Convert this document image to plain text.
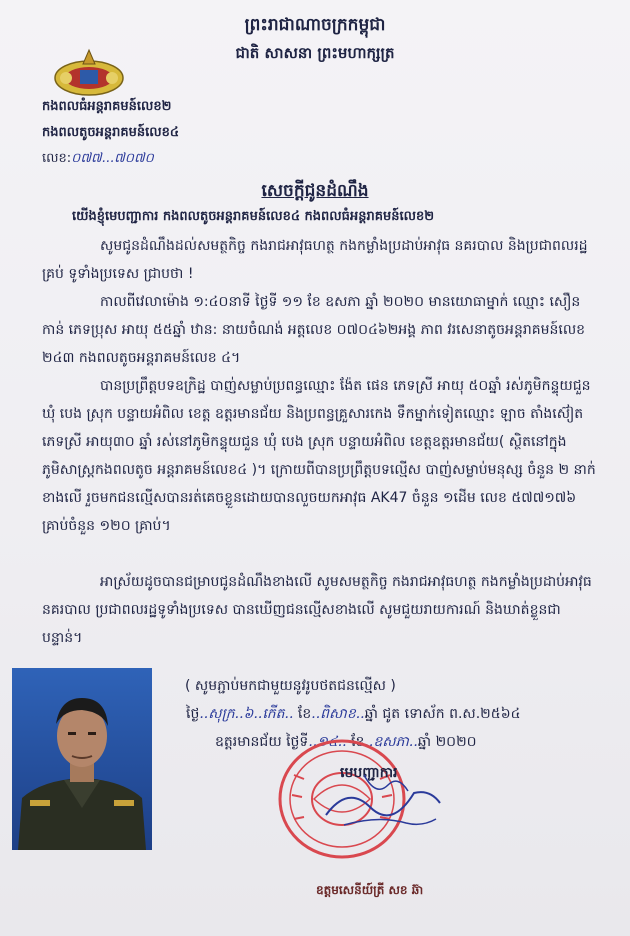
ព្រះរាជាណាចក្រកម្ពុជា
ជាតិ សាសនា ព្រះមហាក្សត្រ
កងពលធំអន្តរាគមន៍លេខ២
កងពលតូចអន្តរាគមន៍លេខ៤
លេខ:០៧៧...៧០៧០
សេចក្តីជូនដំណឹង
យើងខ្ញុំមេបញ្ជាការ កងពលតូចអន្តរាគមន៍លេខ៤ កងពលធំអន្តរាគមន៍លេខ២
សូមជូនដំណឹងដល់សមត្ថកិច្ច កងរាជអាវុធហត្ថ កងកម្លាំងប្រដាប់អាវុធ នគរបាល និងប្រជាពលរដ្ឋគ្រប់ ទូទាំងប្រទេស ជ្រាបថា !
កាលពីវេលាម៉ោង ១:៤០នាទី ថ្ងៃទី ១១ ខែ ឧសភា ឆ្នាំ ២០២០ មានយោធាម្នាក់ ឈ្មោះ សឿន កាន់ ភេទប្រុស អាយុ ៥៥ឆ្នាំ ឋាន: នាយចំណង់ អត្តលេខ ០៧០៤៦២អង្គ ភាព វរសេនាតូចអន្តរាគមន៍លេខ ២៤៣ កងពលតូចអន្តរាគមន៍លេខ ៤។
បានប្រព្រឹត្តបទឧក្រិដ្ឋ បាញ់សម្លាប់ប្រពន្ធឈ្មោះ ង៉ែត ផេន ភេទស្រី អាយុ ៥០ឆ្នាំ រស់ភូមិកន្ទុយជួន ឃុំ បេង ស្រុក បន្ទាយអំពិល ខេត្ត ឧត្តរមានជ័យ និងប្រពន្ធគ្រួសារកេង ទឹកម្នាក់ទៀតឈ្មោះ ឡាច តាំងស៊ៀត ភេទស្រី អាយុ៣០ ឆ្នាំ រស់នៅភូមិកន្ទុយជួន ឃុំ បេង ស្រុក បន្ទាយអំពិល ខេត្តឧត្តរមានជ័យ( ស្ថិតនៅក្នុងភូមិសាស្ត្រកងពលតូច អន្តរាគមន៍លេខ៤ )។ ក្រោយពីបានប្រព្រឹត្តបទល្មើស បាញ់សម្លាប់មនុស្ស ចំនួន ២ នាក់ ខាងលើ រួចមកជនល្មើសបានរត់គេចខ្លួនដោយបានលួចយកអាវុធ AK47 ចំនួន ១ដើម លេខ ៥៧៧១៧៦ គ្រាប់ចំនួន ១២០ គ្រាប់។
អាស្រ័យដូចបានជម្រាបជូនដំណឹងខាងលើ សូមសមត្ថកិច្ច កងរាជអាវុធហត្ថ កងកម្លាំងប្រដាប់អាវុធ នគរបាល ប្រជាពលរដ្ឋទូទាំងប្រទេស បានឃើញជនល្មើសខាងលើ សូមជួយរាយការណ៍ និងឃាត់ខ្លួនជាបន្ទាន់។
( សូមភ្ជាប់មកជាមួយនូវរូបថតជនល្មើស )
ថ្ងៃ..សុក្រ..៦..កើត.. ខែ..ពិសាខ..ឆ្នាំ ជូត ទោស័ក ព.ស.២៥៦៤
ឧត្តរមានជ័យ ថ្ងៃទី..១៤.. ខែ..ឧសភា..ឆ្នាំ ២០២០
មេបញ្ជាការ
ឧត្តមសេនីយ៍ត្រី សខ ឆ៊ា
